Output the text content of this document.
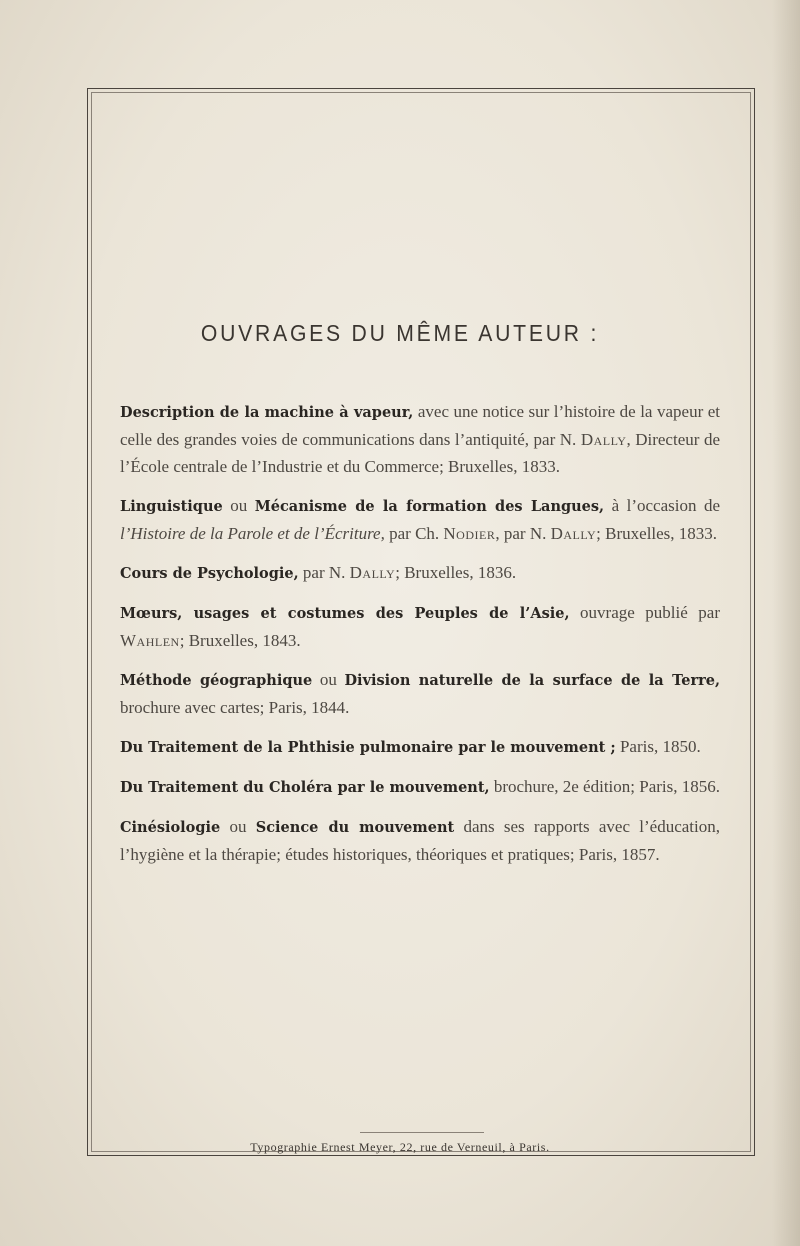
OUVRAGES DU MÊME AUTEUR :

Description de la machine à vapeur, avec une notice sur l’histoire de la vapeur et celle des grandes voies de communications dans l’antiquité, par N. Dally, Directeur de l’École centrale de l’Industrie et du Commerce; Bruxelles, 1833.

Linguistique ou Mécanisme de la formation des Langues, à l’occasion de l’Histoire de la Parole et de l’Écriture, par Ch. Nodier, par N. Dally; Bruxelles, 1833.

Cours de Psychologie, par N. Dally; Bruxelles, 1836.

Mœurs, usages et costumes des Peuples de l’Asie, ouvrage publié par Wahlen; Bruxelles, 1843.

Méthode géographique ou Division naturelle de la surface de la Terre, brochure avec cartes; Paris, 1844.

Du Traitement de la Phthisie pulmonaire par le mouvement ; Paris, 1850.

Du Traitement du Choléra par le mouvement, brochure, 2e édition; Paris, 1856.

Cinésiologie ou Science du mouvement dans ses rapports avec l’éducation, l’hygiène et la thérapie; études historiques, théoriques et pratiques; Paris, 1857.

Typographie Ernest Meyer, 22, rue de Verneuil, à Paris.
